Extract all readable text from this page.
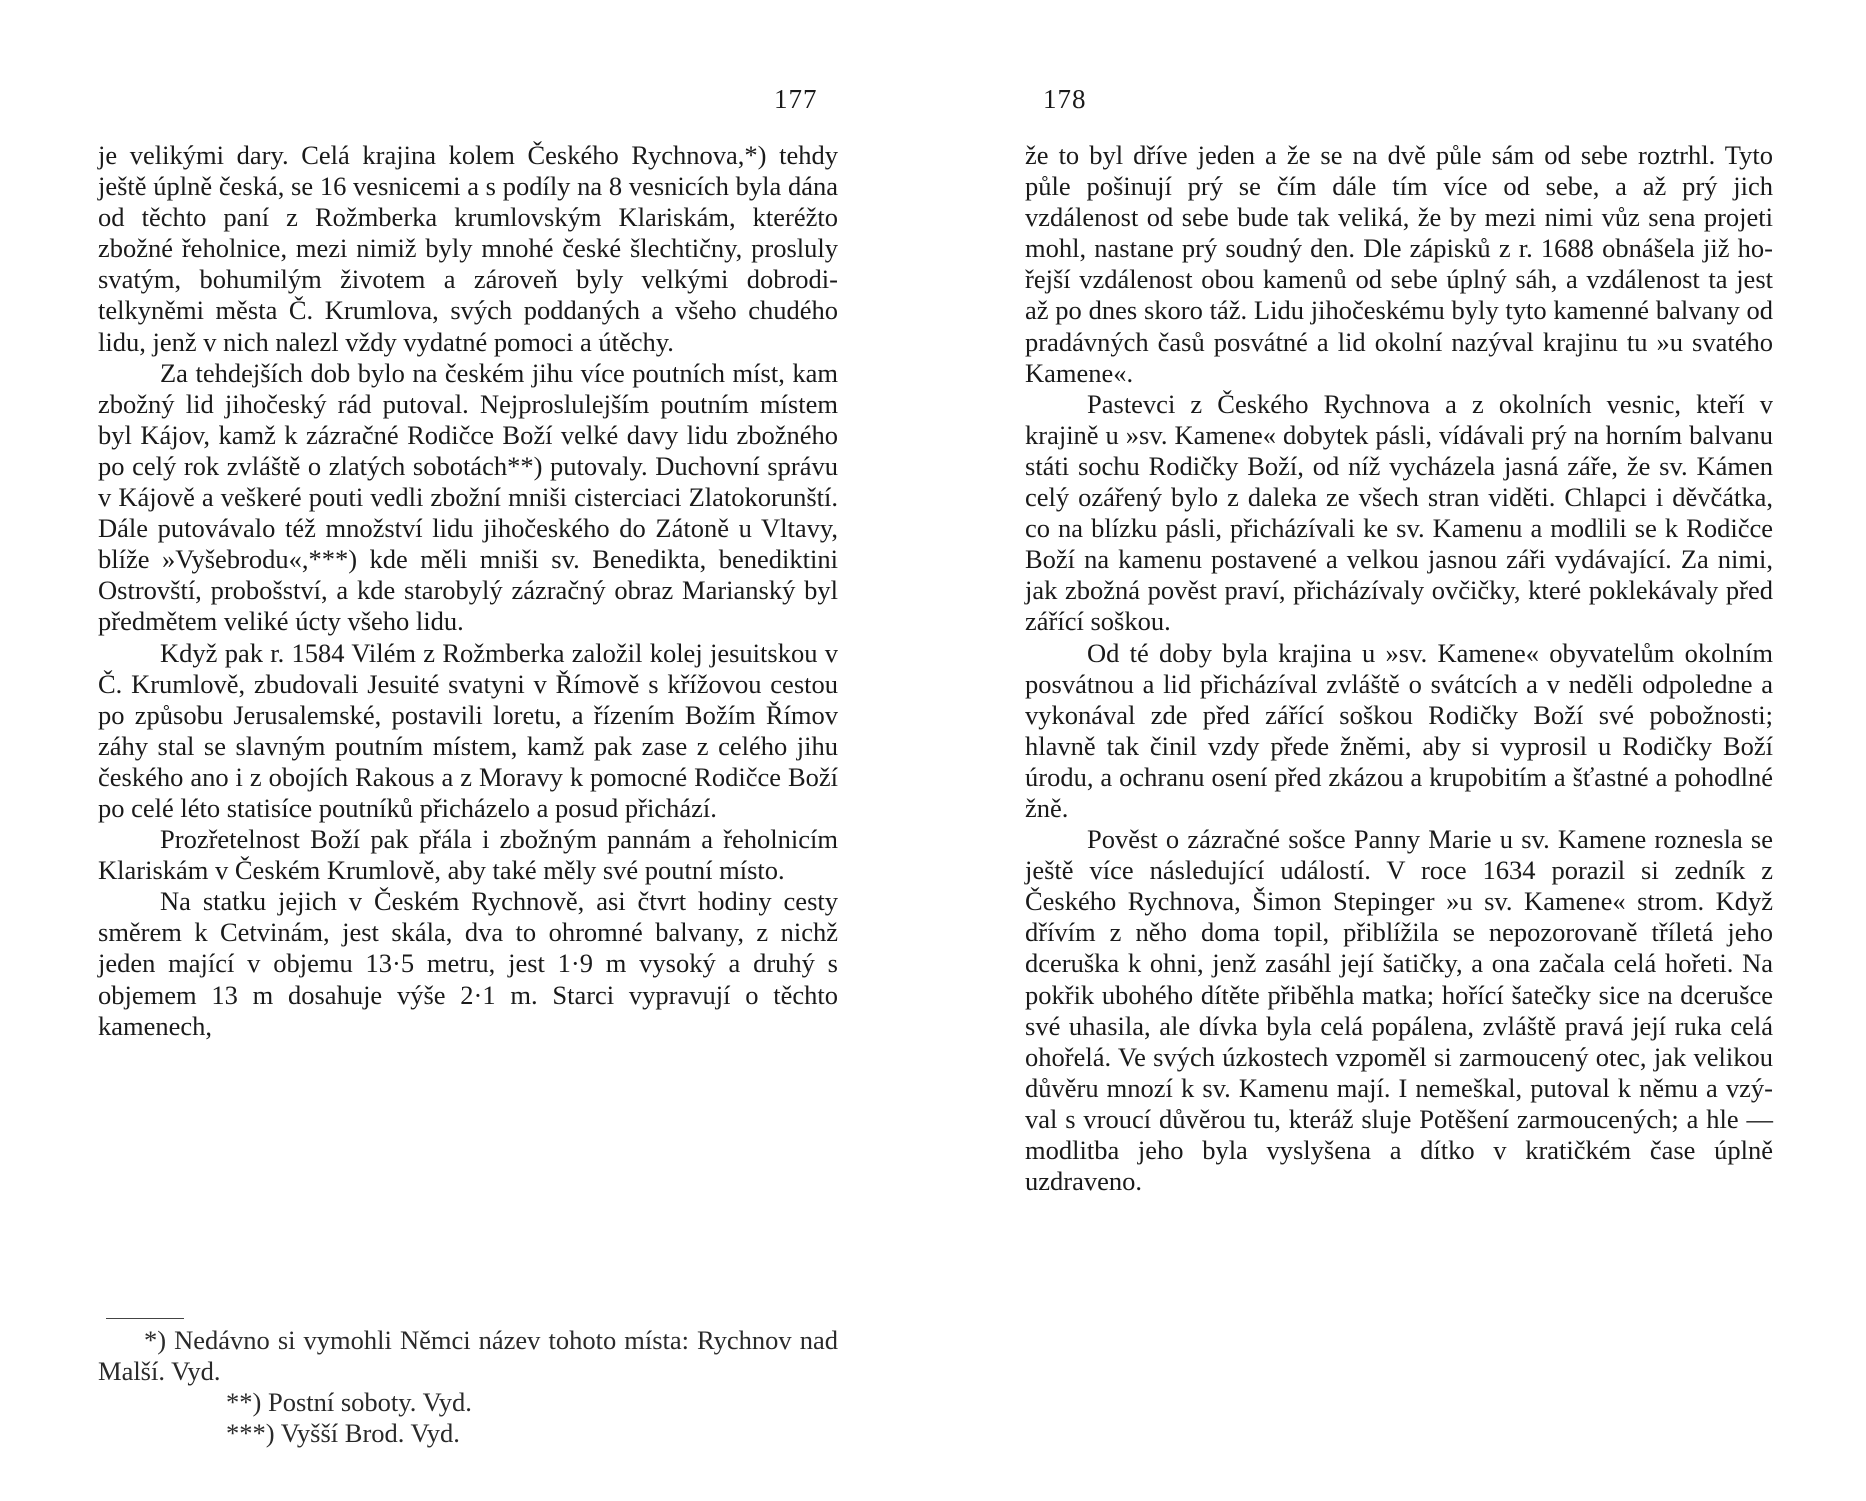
177

je velikými dary. Celá krajina kolem Českého Rychnova,*) tehdy ještě úplně česká, se 16 vesnicemi a s podíly na 8 vesnicích byla dána od těchto paní z Rožmberka krumlovským Klariskám, kteréžto zbožné řeholnice, mezi nimiž byly mnohé české šlechtičny, prosluly svatým, bohumilým životem a zároveň byly velkými dobroditelkyněmi města Č. Krumlova, svých poddaných a všeho chudého lidu, jenž v nich nalezl vždy vydatné pomoci a útěchy.

Za tehdejších dob bylo na českém jihu více poutních míst, kam zbožný lid jihočeský rád putoval. Nejproslulejším poutním místem byl Kájov, kamž k zázračné Rodičce Boží velké davy lidu zbožného po celý rok zvláště o zlatých sobotách**) putovaly. Duchovní správu v Kájově a veškeré pouti vedli zbožní mniši cisterciaci Zlatokorunští. Dále putovávalo též množství lidu jihočeského do Zátoně u Vltavy, blíže »Vyšebrodu«,***) kde měli mniši sv. Benedikta, benediktini Ostrovští, probošství, a kde starobylý zázračný obraz Marianský byl předmětem veliké úcty všeho lidu.

Když pak r. 1584 Vilém z Rožmberka založil kolej jesuitskou v Č. Krumlově, zbudovali Jesuité svatyni v Římově s křížovou cestou po způsobu Jerusalemské, postavili loretu, a řízením Božím Římov záhy stal se slavným poutním místem, kamž pak zase z celého jihu českého ano i z obojích Rakous a z Moravy k pomocné Rodičce Boží po celé léto statisíce poutníků přicházelo a posud přichází.

Prozřetelnost Boží pak přála i zbožným pannám a řeholnicím Klariskám v Českém Krumlově, aby také měly své poutní místo.

Na statku jejich v Českém Rychnově, asi čtvrt hodiny cesty směrem k Cetvinám, jest skála, dva to ohromné balvany, z nichž jeden mající v objemu 13·5 metru, jest 1·9 m vysoký a druhý s objemem 13 m dosahuje výše 2·1 m. Starci vypravují o těchto kamenech,

*) Nedávno si vymohli Němci název tohoto místa: Rychnov nad Malší. Vyd.

**) Postní soboty. Vyd.

***) Vyšší Brod. Vyd.

178

že to byl dříve jeden a že se na dvě půle sám od sebe roztrhl. Tyto půle pošinují prý se čím dále tím více od sebe, a až prý jich vzdálenost od sebe bude tak veliká, že by mezi nimi vůz sena projeti mohl, nastane prý soudný den. Dle zápisků z r. 1688 obnášela již hořejší vzdálenost obou kamenů od sebe úplný sáh, a vzdálenost ta jest až po dnes skoro táž. Lidu jihočeskému byly tyto kamenné balvany od pradávných časů posvátné a lid okolní nazýval krajinu tu »u svatého Kamene«.

Pastevci z Českého Rychnova a z okolních vesnic, kteří v krajině u »sv. Kamene« dobytek pásli, vídávali prý na horním balvanu státi sochu Rodičky Boží, od níž vycházela jasná záře, že sv. Kámen celý ozářený bylo z daleka ze všech stran viděti. Chlapci i děvčátka, co na blízku pásli, přicházívali ke sv. Kamenu a modlili se k Rodičce Boží na kamenu postavené a velkou jasnou záři vydávající. Za nimi, jak zbožná pověst praví, přicházívaly ovčičky, které poklekávaly před zářící soškou.

Od té doby byla krajina u »sv. Kamene« obyvatelům okolním posvátnou a lid přicházíval zvláště o svátcích a v neděli odpoledne a vykonával zde před zářící soškou Rodičky Boží své pobožnosti; hlavně tak činil vzdy přede žněmi, aby si vyprosil u Rodičky Boží úrodu, a ochranu osení před zkázou a krupobitím a šťastné a pohodlné žně.

Pověst o zázračné sošce Panny Marie u sv. Kamene roznesla se ještě více následující událostí. V roce 1634 porazil si zedník z Českého Rychnova, Šimon Stepinger »u sv. Kamene« strom. Když dřívím z něho doma topil, přiblížila se nepozorovaně tříletá jeho dceruška k ohni, jenž zasáhl její šatičky, a ona začala celá hořeti. Na pokřik ubohého dítěte přiběhla matka; hořící šatečky sice na dcerušce své uhasila, ale dívka byla celá popálena, zvláště pravá její ruka celá ohořelá. Ve svých úzkostech vzpoměl si zarmoucený otec, jak velikou důvěru mnozí k sv. Kamenu mají. I nemeškal, putoval k němu a vzýval s vroucí důvěrou tu, kteráž sluje Potěšení zarmoucených; a hle — modlitba jeho byla vyslyšena a dítko v kratičkém čase úplně uzdraveno.
